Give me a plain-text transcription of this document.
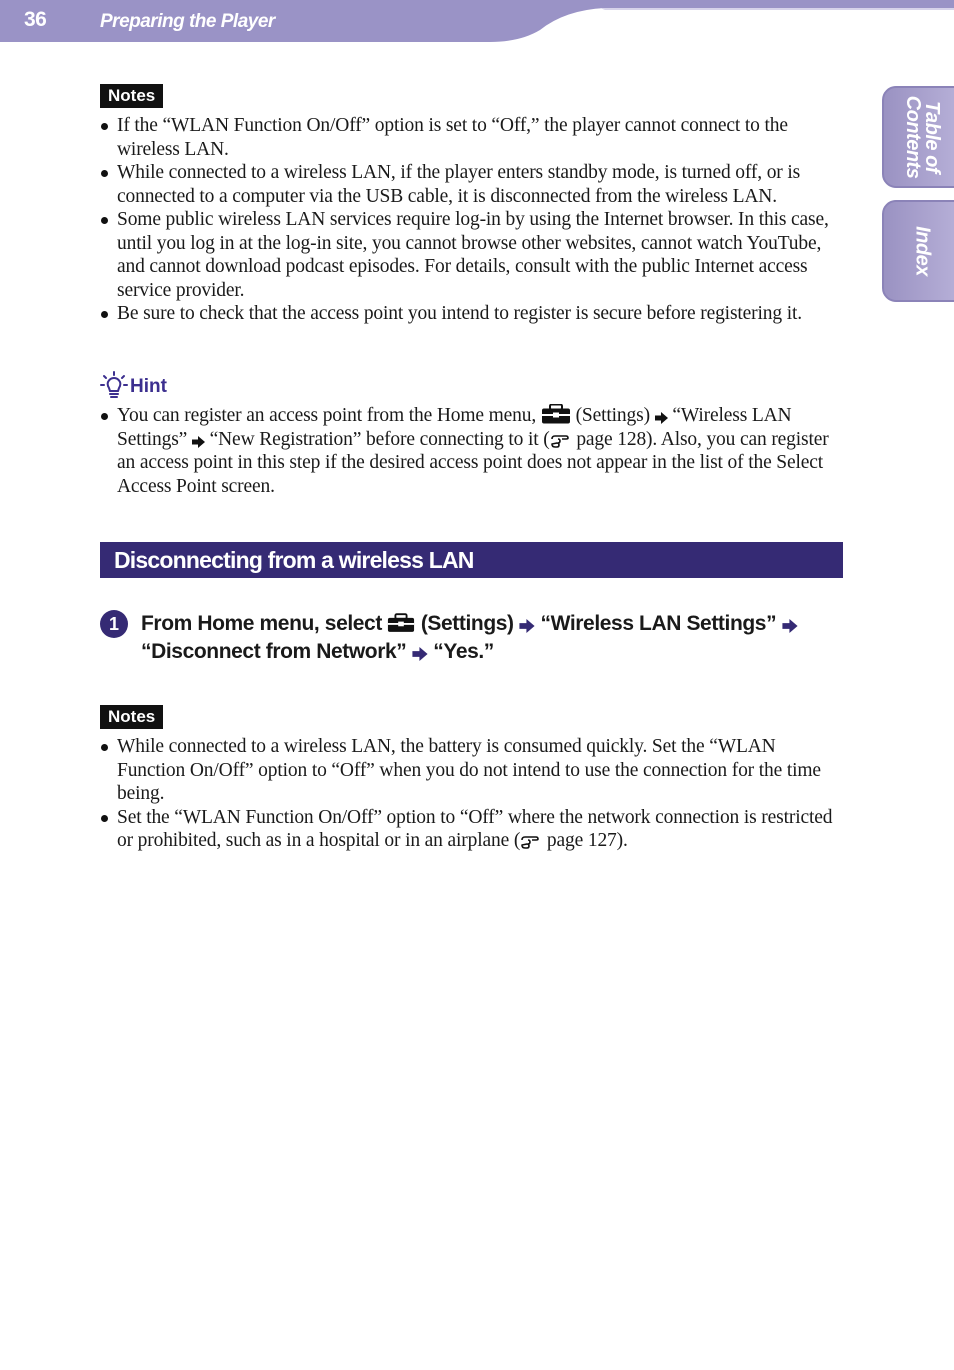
36	Preparing the Player
Table of
Contents
Index
Notes
If the “WLAN Function On/Off” option is set to “Off,” the player cannot connect to the wireless LAN.
While connected to a wireless LAN, if the player enters standby mode, is turned off, or is connected to a computer via the USB cable, it is disconnected from the wireless LAN.
Some public wireless LAN services require log-in by using the Internet browser. In this case, until you log in at the log-in site, you cannot browse other websites, cannot watch YouTube, and cannot download podcast episodes. For details, consult with the public Internet access service provider.
Be sure to check that the access point you intend to register is secure before registering it.
Hint
You can register an access point from the Home menu, (Settings) “Wireless LAN Settings” “New Registration” before connecting to it ( page 128). Also, you can register an access point in this step if the desired access point does not appear in the list of the Select Access Point screen.
Disconnecting from a wireless LAN
1	From Home menu, select (Settings) “Wireless LAN Settings”  “Disconnect from Network” “Yes.”
Notes
While connected to a wireless LAN, the battery is consumed quickly. Set the “WLAN Function On/Off” option to “Off” when you do not intend to use the connection for the time being.
Set the “WLAN Function On/Off” option to “Off” where the network connection is restricted or prohibited, such as in a hospital or in an airplane ( page 127).
